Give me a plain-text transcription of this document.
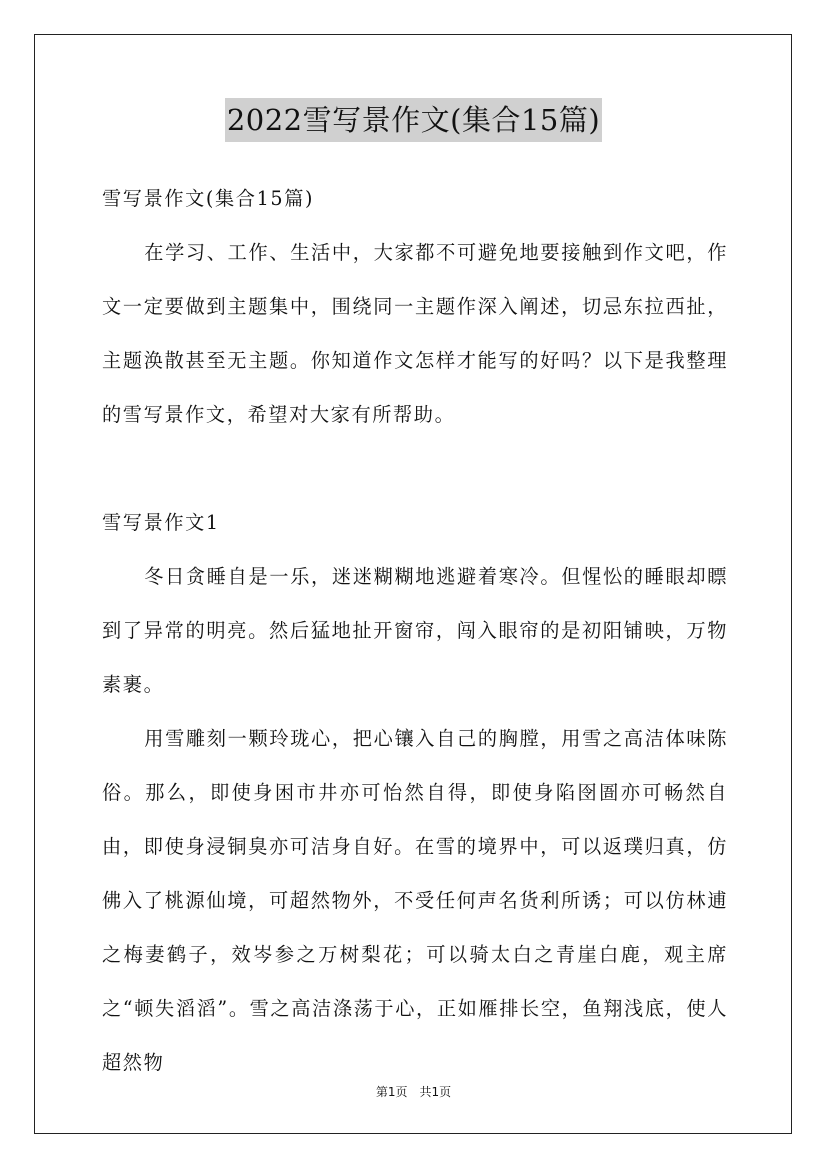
2022雪写景作文(集合15篇)

雪写景作文(集合15篇)

在学习、工作、生活中，大家都不可避免地要接触到作文吧，作文一定要做到主题集中，围绕同一主题作深入阐述，切忌东拉西扯，主题涣散甚至无主题。你知道作文怎样才能写的好吗？以下是我整理的雪写景作文，希望对大家有所帮助。

雪写景作文1

冬日贪睡自是一乐，迷迷糊糊地逃避着寒冷。但惺忪的睡眼却瞟到了异常的明亮。然后猛地扯开窗帘，闯入眼帘的是初阳铺映，万物素裹。

用雪雕刻一颗玲珑心，把心镶入自己的胸膛，用雪之高洁体味陈俗。那么，即使身困市井亦可怡然自得，即使身陷囹圄亦可畅然自由，即使身浸铜臭亦可洁身自好。在雪的境界中，可以返璞归真，仿佛入了桃源仙境，可超然物外，不受任何声名货利所诱；可以仿林逋之梅妻鹤子，效岑参之万树梨花；可以骑太白之青崖白鹿，观主席之“顿失滔滔”。雪之高洁涤荡于心，正如雁排长空，鱼翔浅底，使人超然物

第1页　共1页
